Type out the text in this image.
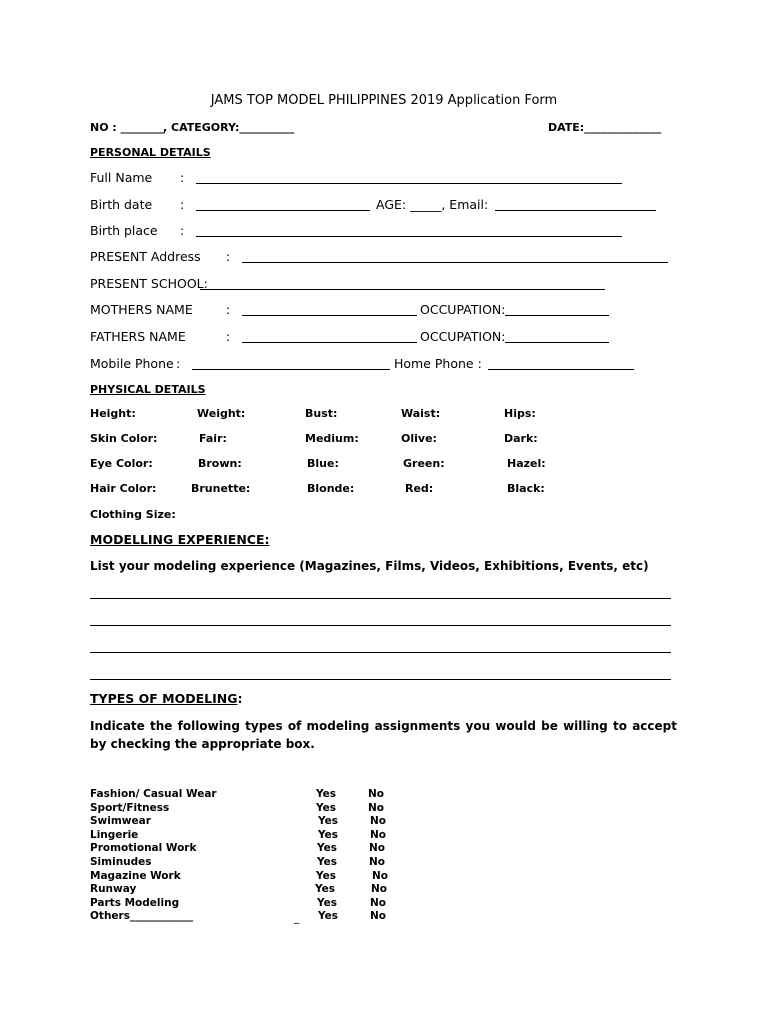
JAMS TOP MODEL PHILIPPINES 2019 Application Form
NO : ________
, CATEGORY:__________	DATE:______________
PERSONAL DETAILS
Full Name :
Birth date :	AGE: _____, Email:
Birth place :
PRESENT Address :
PRESENT SCHOOL:
MOTHERS NAME	:	OCCUPATION:
FATHERS NAME	:	OCCUPATION:
Mobile Phone :	Home Phone :
PHYSICAL DETAILS
Height:	Weight:	Bust:	Waist:	Hips:
Skin Color:	Fair:	Medium:	Olive:	Dark:
Eye Color:	Brown:	Blue:	Green:	Hazel:
Hair Color:	Brunette:	Blonde:	Red:	Black:
Clothing Size:
MODELLING EXPERIENCE:
List your modeling experience (Magazines, Films, Videos, Exhibitions, Events, etc)
TYPES OF MODELING:
Indicate the following types of modeling assignments you would be willing to accept by checking the appropriate box.
Fashion/ Casual Wear	Yes	No
Sport/Fitness	Yes	No
Swimwear	Yes	No
Lingerie	Yes	No
Promotional Work	Yes	No
Siminudes	Yes	No
Magazine Work	Yes	No
Runway	Yes	No
Parts Modeling	Yes	No
Others____________	Yes	No
_
